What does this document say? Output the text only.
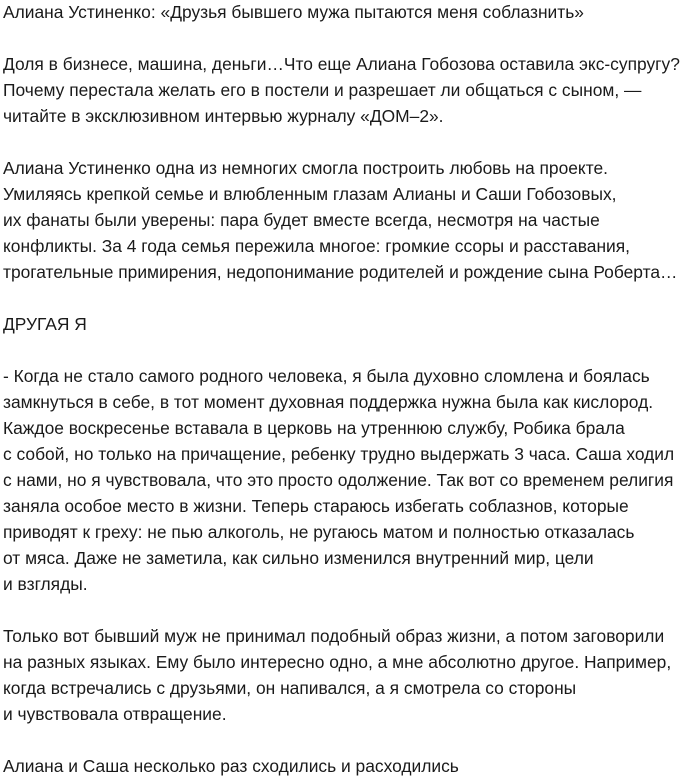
Алиана Устиненко: «Друзья бывшего мужа пытаются меня соблазнить»
Доля в бизнесе, машина, деньги…Что еще Алиана Гобозова оставила экс-супругу?
Почему перестала желать его в постели и разрешает ли общаться с сыном, —
читайте в эксклюзивном интервью журналу «ДОМ–2».
Алиана Устиненко одна из немногих смогла построить любовь на проекте.
Умиляясь крепкой семье и влюбленным глазам Алианы и Саши Гобозовых,
их фанаты были уверены: пара будет вместе всегда, несмотря на частые
конфликты. За 4 года семья пережила многое: громкие ссоры и расставания,
трогательные примирения, недопонимание родителей и рождение сына Роберта…
ДРУГАЯ Я
- Когда не стало самого родного человека, я была духовно сломлена и боялась
замкнуться в себе, в тот момент духовная поддержка нужна была как кислород.
Каждое воскресенье вставала в церковь на утреннюю службу, Робика брала
с собой, но только на причащение, ребенку трудно выдержать 3 часа. Саша ходил
с нами, но я чувствовала, что это просто одолжение. Так вот со временем религия
заняла особое место в жизни. Теперь стараюсь избегать соблазнов, которые
приводят к греху: не пью алкоголь, не ругаюсь матом и полностью отказалась
от мяса. Даже не заметила, как сильно изменился внутренний мир, цели
и взгляды.
Только вот бывший муж не принимал подобный образ жизни, а потом заговорили
на разных языках. Ему было интересно одно, а мне абсолютно другое. Например,
когда встречались с друзьями, он напивался, а я смотрела со стороны
и чувствовала отвращение.
Алиана и Саша несколько раз сходились и расходились
